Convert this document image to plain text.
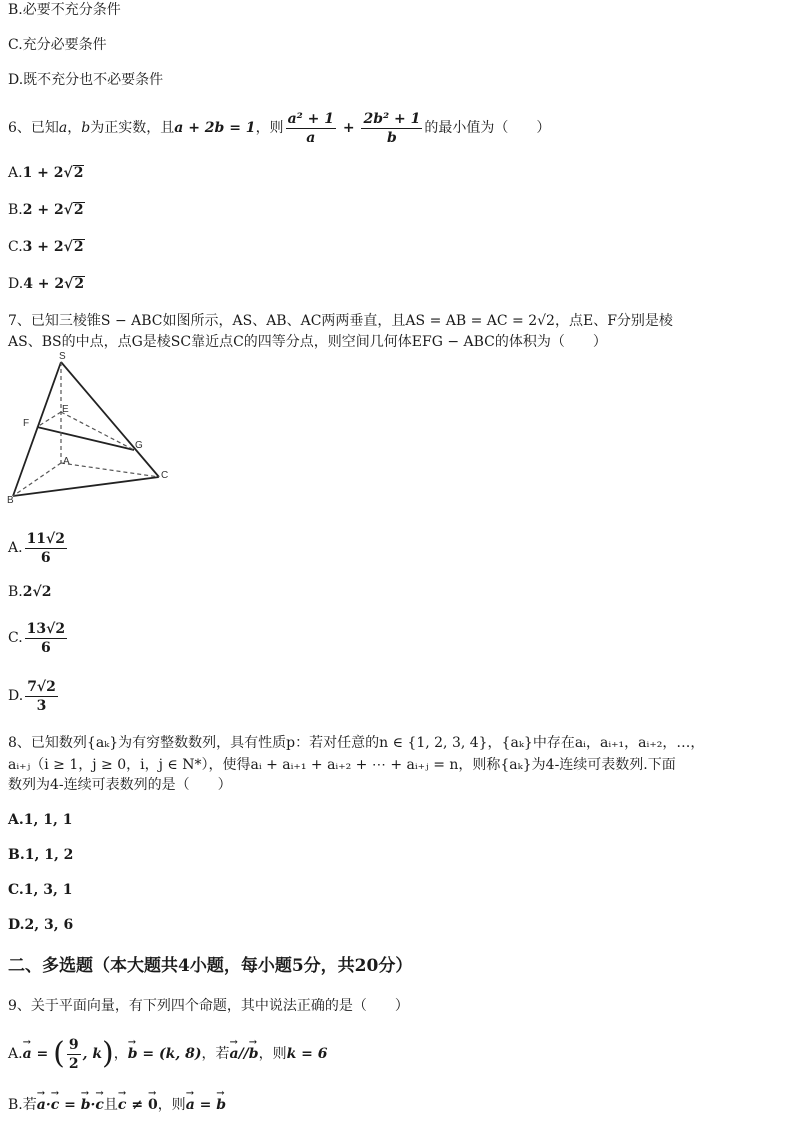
B.必要不充分条件
C.充分必要条件
D.既不充分也不必要条件
6、已知a，b为正实数，且a + 2b = 1，则 $\frac{\text{a² + 1}}{a} + \frac{\text{2b² + 1}}{b}$ 的最小值为（　　）
A.1 + 2√2
B.2 + 2√2
C.3 + 2√2
D.4 + 2√2
7、已知三棱锥S − ABC如图所示，AS、AB、AC两两垂直，且AS = AB = AC = 2√2，点E、F分别是棱
AS、BS的中点，点G是棱SC靠近点C的四等分点，则空间几何体EFG − ABC的体积为（　　）
S
E
F
G
A
B
C
A. $\frac{11√2}{6}$
B.2√2
C. $\frac{13√2}{6}$
D. $\frac{7√2}{3}$
8、已知数列{aₖ}为有穷整数数列，具有性质p：若对任意的n ∈ {1, 2, 3, 4}，{aₖ}中存在aᵢ，aᵢ₊₁，aᵢ₊₂，…，
aᵢ₊ⱼ（i ≥ 1，j ≥ 0，i，j ∈ N*），使得aᵢ + aᵢ₊₁ + aᵢ₊₂ + ⋯ + aᵢ₊ⱼ = n，则称{aₖ}为4-连续可表数列.下面
数列为4-连续可表数列的是（　　）
A.1, 1, 1
B.1, 1, 2
C.1, 3, 1
D.2, 3, 6
二、多选题（本大题共4小题，每小题5分，共20分）
9、关于平面向量，有下列四个命题，其中说法正确的是（　　）
A.→ a = ( $\frac{9}{2}$ , k)，→ b = (k, 8)，若→ a//→ b，则k = 6
B.若→ a·→ c = → b·→ c且→ c ≠ → 0，则→ a = → b
